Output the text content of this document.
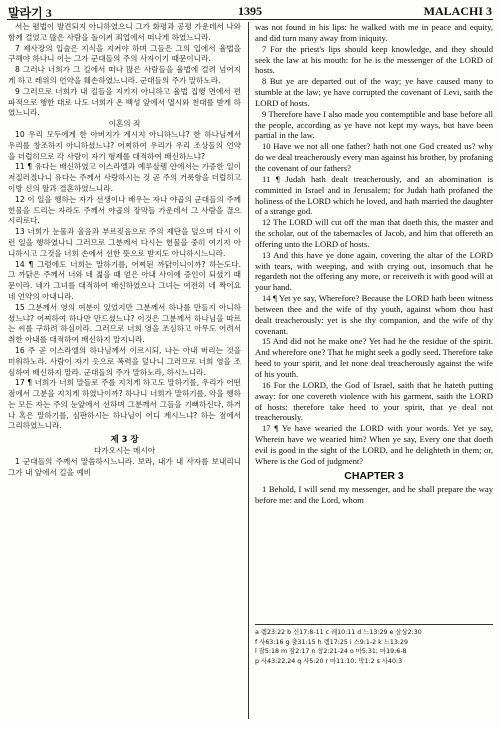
말라기 3	1395	MALACHI 3

서는 폄법이 발견되지 아니하였으니 그가 화평과 공평 가운데서 나와 함께 걸었고 많은 사람을 돌이켜 죄업에서 떠나게 하였느니라.

7 제사장의 입술은 지식을 지켜야 하며 그들은 그의 입에서 율법을 구해야 하나니 이는 그가 군대들의 주의 사자이기 때문이니라.

8 그러나 너희가 그 길에서 떠나 많은 사람들을 율법에 걸려 넘어지게 하고 레위의 언약을 훼손하였느니라. 군대들의 주가 말하노라.

9 그러므로 너희가 내 길들을 지키지 아니하고 율법 집행 면에서 편파적으로 행한 대로 나도 너희가 온 백성 앞에서 멸시와 천대를 받게 하였느니라.

이혼의 죄

10 우리 모두에게 한 아버지가 계시지 아니하느냐? 한 하나님께서 우리를 창조하지 아니하셨느냐? 어찌하여 우리가 우리 조상들의 언약을 더럽히므로 각 사람이 자기 형제를 대적하여 배신하느냐?

11 ¶ 유다는 배신하였고 이스라엘과 예루살렘 안에서는 가증한 일이 저질러졌나니 유다는 주께서 사랑하시는 것 곧 주의 거룩함을 더럽히고 이방 신의 딸과 결혼하였느니라.

12 이 일을 행하는 자가 선생이나 배우는 자나 야곱의 군대들의 주께 헌물을 드리는 자라도 주께서 야곱의 장막들 가운데서 그 사람을 끊으시리로다.

13 너희가 눈물과 울음과 부르짖음으로 주의 제단을 덮으며 다시 이런 일을 행하였나니 그러므로 그분께서 다시는 헌물을 중히 여기지 아니하시고 그것을 너희 손에서 선한 뜻으로 받지도 아니하시느니라.

14 ¶ 그럼에도 너희는 말하기를, 어찌된 까닭이니이까? 하는도다. 그 까닭은 주께서 너와 네 젊을 때 얻은 아내 사이에 증인이 되셨기 때문이라. 네가 그녀를 대적하여 배신하였으나 그녀는 여전히 네 짝이요 네 언약의 아내니라.

15 그분께서 영의 여분이 있었지만 그분께서 하나를 만들지 아니하셨느냐? 어찌하여 하나만 만드셨느냐? 이것은 그분께서 하나님을 따르는 씨를 구하려 하심이라. 그러므로 너희 영을 조심하고 아무도 어려서 취한 아내를 대적하여 배신하지 말지니라.

16 주 곧 이스라엘의 하나님께서 이르시되, 나는 아내 버리는 것을 미워하노라. 사람이 자기 옷으로 폭력을 덮나니 그러므로 너희 영을 조심하여 배신하지 말라. 군대들의 주가 말하노라, 하시느니라.

17 ¶ 너희가 너희 말들로 주를 지치게 하고도 말하기를, 우리가 어떤 점에서 그분을 지치게 하였나이까? 하나니 너희가 말하기를, 악을 행하는 모든 자는 주의 눈앞에서 선하며 그분께서 그들을 기뻐하신다, 하거나 혹은 말하기를, 심판하시는 하나님이 어디 계시느냐? 하는 점에서 그리하였느니라.

제 3 장

다가오시는 메시아

1 군대들의 주께서 말씀하시느니라. 보라, 내가 내 사자를 보내리니 그가 내 앞에서 길을 예비

was not found in his lips: he walked with me in peace and equity, and did turn many away from iniquity.

7 For the priest's lips should keep knowledge, and they should seek the law at his mouth: for he is the messenger of the LORD of hosts.

8 But ye are departed out of the way; ye have caused many to stumble at the law; ye have corrupted the covenant of Levi, saith the LORD of hosts.

9 Therefore have I also made you contemptible and base before all the people, according as ye have not kept my ways, but have been partial in the law.

10 Have we not all one father? hath not one God created us? why do we deal treacherously every man against his brother, by profaning the covenant of our fathers?

11 ¶ Judah hath dealt treacherously, and an abomination is committed in Israel and in Jerusalem; for Judah hath profaned the holiness of the LORD which he loved, and hath married the daughter of a strange god.

12 The LORD will cut off the man that doeth this, the master and the scholar, out of the tabernacles of Jacob, and him that offereth an offering unto the LORD of hosts.

13 And this have ye done again, covering the altar of the LORD with tears, with weeping, and with crying out, insomuch that he regardeth not the offering any more, or receiveth it with good will at your hand.

14 ¶ Yet ye say, Wherefore? Because the LORD hath been witness between thee and the wife of thy youth, against whom thou hast dealt treacherously: yet is she thy companion, and the wife of thy covenant.

15 And did not he make one? Yet had he the residue of the spirit. And wherefore one? That he might seek a godly seed. Therefore take heed to your spirit, and let none deal treacherously against the wife of his youth.

16 For the LORD, the God of Israel, saith that he hateth putting away: for one covereth violence with his garment, saith the LORD of hosts: therefore take heed to your spirit, that ye deal not treacherously.

17 ¶ Ye have wearied the LORD with your words. Yet ye say, Wherein have we wearied him? When ye say, Every one that doeth evil is good in the sight of the LORD, and he delighteth in them; or, Where is the God of judgment?

CHAPTER 3

1 Behold, I will send my messenger, and he shall prepare the way before me: and the Lord, whom

a 렘23:22 b 신17:8-11 c 레10:11 d 느13:29 e 삼상2:30
f 사63:16 g 출31:15 h 렘17:25 i 스9:1-2 k 느13:29
l 잠5:18 m 잠2:17 n 창2:21-24 o 마5:31; 마19:6-8
p 사43:22,24 q 사5:20 r 마11:10; 막1:2 s 사40:3
